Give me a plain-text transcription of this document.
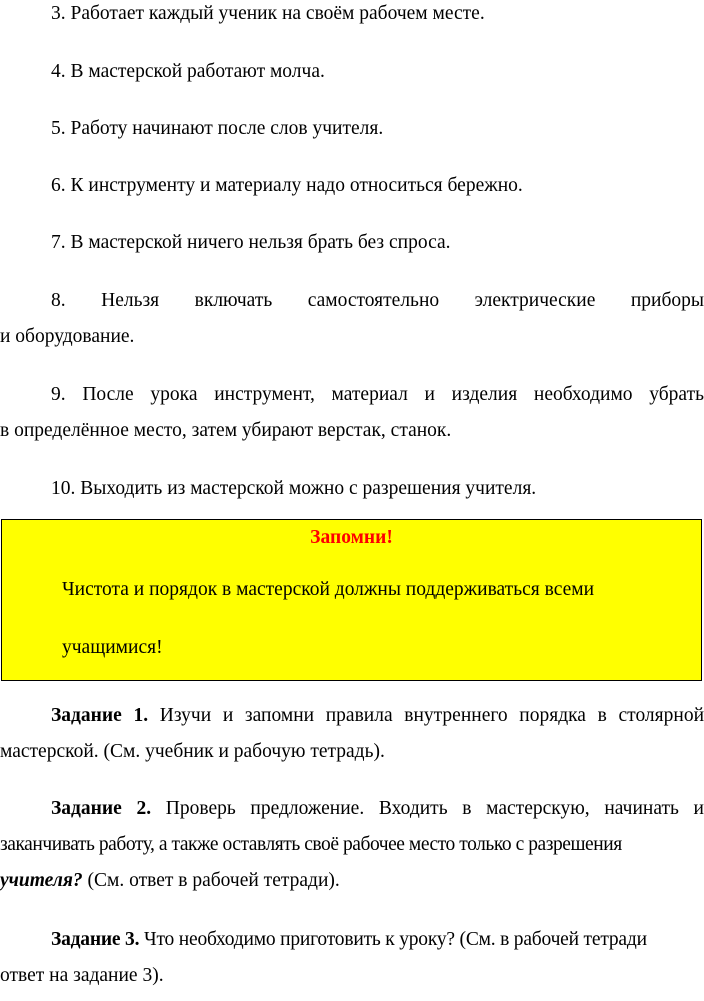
3. Работает каждый ученик на своём рабочем месте.
4. В мастерской работают молча.
5. Работу начинают после слов учителя.
6. К инструменту и материалу надо относиться бережно.
7. В мастерской ничего нельзя брать без спроса.
8. Нельзя включать самостоятельно электрические приборы
и оборудование.
9. После урока инструмент, материал и изделия необходимо убрать
в определённое место, затем убирают верстак, станок.
10. Выходить из мастерской можно с разрешения учителя.
Запомни!
Чистота и порядок в мастерской должны поддерживаться всеми
учащимися!
Задание 1. Изучи и запомни правила внутреннего порядка в столярной
мастерской. (См. учебник и рабочую тетрадь).
Задание 2. Проверь предложение. Входить в мастерскую, начинать и
заканчивать работу, а также оставлять своё рабочее место только с разрешения
учителя? (См. ответ в рабочей тетради).
Задание 3. Что необходимо приготовить к уроку? (См. в рабочей тетради
ответ на задание 3).
